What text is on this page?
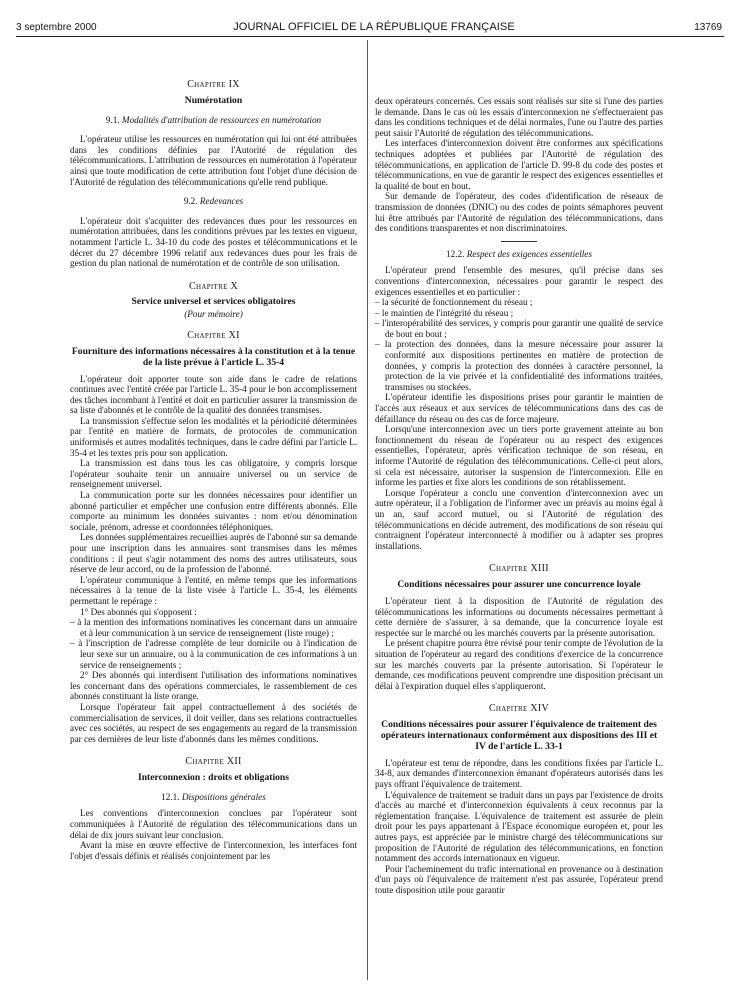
3 septembre 2000	JOURNAL OFFICIEL DE LA RÉPUBLIQUE FRANÇAISE	13769

Chapitre IX

Numérotation

9.1. Modalités d'attribution de ressources en numérotation

L'opérateur utilise les ressources en numérotation qui lui ont été attribuées dans les conditions définies par l'Autorité de régulation des télécommunications. L'attribution de ressources en numérotation à l'opérateur ainsi que toute modification de cette attribution font l'objet d'une décision de l'Autorité de régulation des télécommunications qu'elle rend publique.

9.2. Redevances

L'opérateur doit s'acquitter des redevances dues pour les ressources en numérotation attribuées, dans les conditions prévues par les textes en vigueur, notamment l'article L. 34-10 du code des postes et télécommunications et le décret du 27 décembre 1996 relatif aux redevances dues pour les frais de gestion du plan national de numérotation et de contrôle de son utilisation.

Chapitre X

Service universel et services obligatoires

(Pour mémoire)

Chapitre XI

Fourniture des informations nécessaires à la constitution et à la tenue de la liste prévue à l'article L. 35-4

L'opérateur doit apporter toute son aide dans le cadre de relations continues avec l'entité créée par l'article L. 35-4 pour le bon accomplissement des tâches incombant à l'entité et doit en particulier assurer la transmission de sa liste d'abonnés et le contrôle de la qualité des données transmises.

La transmission s'effectue selon les modalités et la périodicité déterminées par l'entité en matière de formats, de protocoles de communication uniformisés et autres modalités techniques, dans le cadre défini par l'article L. 35-4 et les textes pris pour son application.

La transmission est dans tous les cas obligatoire, y compris lorsque l'opérateur souhaite tenir un annuaire universel ou un service de renseignement universel.

La communication porte sur les données nécessaires pour identifier un abonné particulier et empêcher une confusion entre différents abonnés. Elle comporte au minimum les données suivantes : nom et/ou dénomination sociale, prénom, adresse et coordonnées téléphoniques.

Les données supplémentaires recueillies auprès de l'abonné sur sa demande pour une inscription dans les annuaires sont transmises dans les mêmes conditions : il peut s'agir notamment des noms des autres utilisateurs, sous réserve de leur accord, ou de la profession de l'abonné.

L'opérateur communique à l'entité, en même temps que les informations nécessaires à la tenue de la liste visée à l'article L. 35-4, les éléments permettant le repérage :

1° Des abonnés qui s'opposent :

– à la mention des informations nominatives les concernant dans un annuaire et à leur communication à un service de renseignement (liste rouge) ;

– à l'inscription de l'adresse complète de leur domicile ou à l'indication de leur sexe sur un annuaire, ou à la communication de ces informations à un service de renseignements ;

2° Des abonnés qui interdisent l'utilisation des informations nominatives les concernant dans des opérations commerciales, le rassemblement de ces abonnés constituant la liste orange.

Lorsque l'opérateur fait appel contractuellement à des sociétés de commercialisation de services, il doit veiller, dans ses relations contractuelles avec ces sociétés, au respect de ses engagements au regard de la transmission par ces dernières de leur liste d'abonnés dans les mêmes conditions.

Chapitre XII

Interconnexion : droits et obligations

12.1. Dispositions générales

Les conventions d'interconnexion conclues par l'opérateur sont communiquées à l'Autorité de régulation des télécommunications dans un délai de dix jours suivant leur conclusion.

Avant la mise en œuvre effective de l'interconnexion, les interfaces font l'objet d'essais définis et réalisés conjointement par les

deux opérateurs concernés. Ces essais sont réalisés sur site si l'une des parties le demande. Dans le cas où les essais d'interconnexion ne s'effectueraient pas dans les conditions techniques et de délai normales, l'une ou l'autre des parties peut saisir l'Autorité de régulation des télécommunications.

Les interfaces d'interconnexion doivent être conformes aux spécifications techniques adoptées et publiées par l'Autorité de régulation des télécommunications, en application de l'article D. 99-8 du code des postes et télécommunications, en vue de garantir le respect des exigences essentielles et la qualité de bout en bout.

Sur demande de l'opérateur, des codes d'identification de réseaux de transmission de données (DNIC) ou des codes de points sémaphores peuvent lui être attribués par l'Autorité de régulation des télécommunications, dans des conditions transparentes et non discriminatoires.

12.2. Respect des exigences essentielles

L'opérateur prend l'ensemble des mesures, qu'il précise dans ses conventions d'interconnexion, nécessaires pour garantir le respect des exigences essentielles et en particulier :

– la sécurité de fonctionnement du réseau ;

– le maintien de l'intégrité du réseau ;

– l'interopérabilité des services, y compris pour garantir une qualité de service de bout en bout ;

– la protection des données, dans la mesure nécessaire pour assurer la conformité aux dispositions pertinentes en matière de protection de données, y compris la protection des données à caractère personnel, la protection de la vie privée et la confidentialité des informations traitées, transmises ou stockées.

L'opérateur identifie les dispositions prises pour garantir le maintien de l'accès aux réseaux et aux services de télécommunications dans des cas de défaillance du réseau ou des cas de force majeure.

Lorsqu'une interconnexion avec un tiers porte gravement atteinte au bon fonctionnement du réseau de l'opérateur ou au respect des exigences essentielles, l'opérateur, après vérification technique de son réseau, en informe l'Autorité de régulation des télécommunications. Celle-ci peut alors, si cela est nécessaire, autoriser la suspension de l'interconnexion. Elle en informe les parties et fixe alors les conditions de son rétablissement.

Lorsque l'opérateur a conclu une convention d'interconnexion avec un autre opérateur, il a l'obligation de l'informer avec un préavis au moins égal à un an, sauf accord mutuel, ou si l'Autorité de régulation des télécommunications en décide autrement, des modifications de son réseau qui contraignent l'opérateur interconnecté à modifier ou à adapter ses propres installations.

Chapitre XIII

Conditions nécessaires pour assurer une concurrence loyale

L'opérateur tient à la disposition de l'Autorité de régulation des télécommunications les informations ou documents nécessaires permettant à cette dernière de s'assurer, à sa demande, que la concurrence loyale est respectée sur le marché ou les marchés couverts par la présente autorisation.

Le présent chapitre pourra être révisé pour tenir compte de l'évolution de la situation de l'opérateur au regard des conditions d'exercice de la concurrence sur les marchés couverts par la présente autorisation. Si l'opérateur le demande, ces modifications peuvent comprendre une disposition précisant un délai à l'expiration duquel elles s'appliqueront.

Chapitre XIV

Conditions nécessaires pour assurer l'équivalence de traitement des opérateurs internationaux conformément aux dispositions des III et IV de l'article L. 33-1

L'opérateur est tenu de répondre, dans les conditions fixées par l'article L. 34-8, aux demandes d'interconnexion émanant d'opérateurs autorisés dans les pays offrant l'équivalence de traitement.

L'équivalence de traitement se traduit dans un pays par l'existence de droits d'accès au marché et d'interconnexion équivalents à ceux reconnus par la réglementation française. L'équivalence de traitement est assurée de plein droit pour les pays appartenant à l'Espace économique européen et, pour les autres pays, est appréciée par le ministre chargé des télécommunications sur proposition de l'Autorité de régulation des télécommunications, en fonction notamment des accords internationaux en vigueur.

Pour l'acheminement du trafic international en provenance ou à destination d'un pays où l'équivalence de traitement n'est pas assurée, l'opérateur prend toute disposition utile pour garantir
